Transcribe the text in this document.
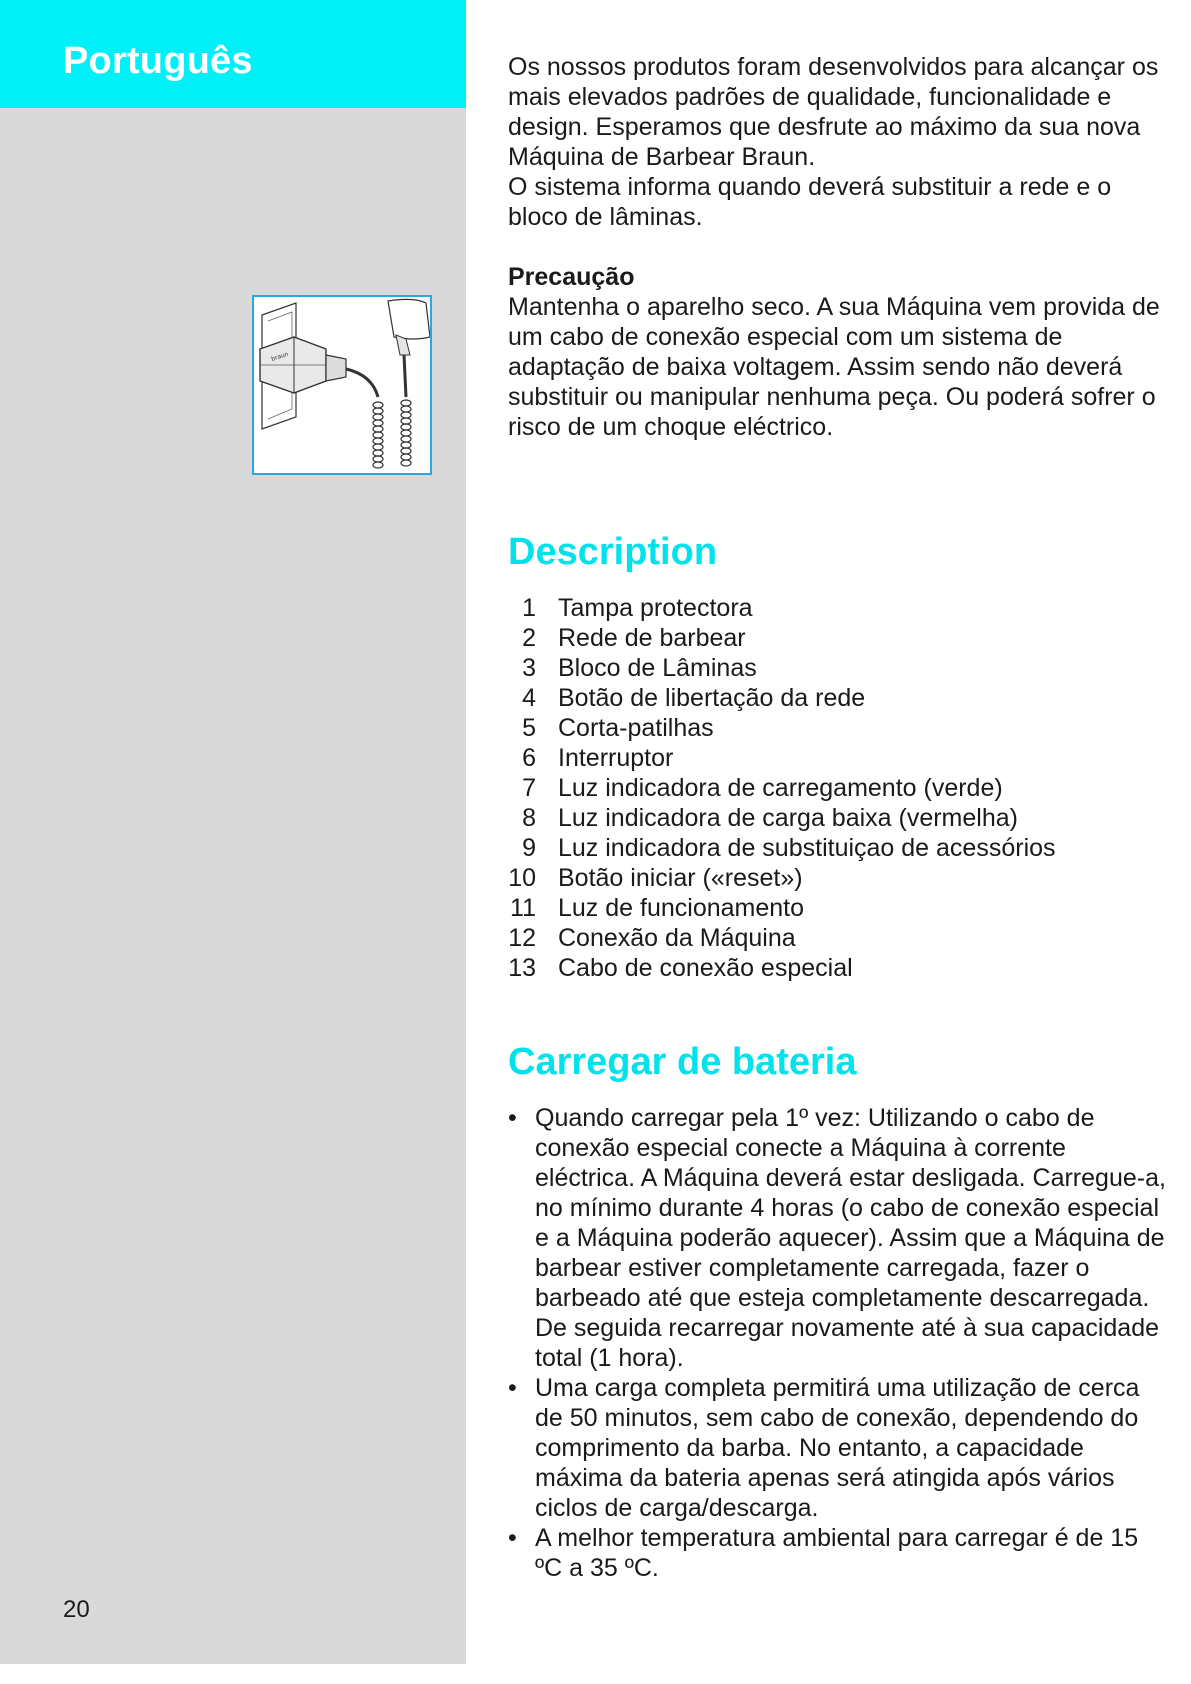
Português
braun
20

Os nossos produtos foram desenvolvidos para alcançar os mais elevados padrões de qualidade, funcionalidade e design. Esperamos que desfrute ao máximo da sua nova Máquina de Barbear Braun.

O sistema informa quando deverá substituir a rede e o bloco de lâminas.

Precaução

Mantenha o aparelho seco. A sua Máquina vem provida de um cabo de conexão especial com um sistema de adaptação de baixa voltagem. Assim sendo não deverá substituir ou manipular nenhuma peça. Ou poderá sofrer o risco de um choque eléctrico.

Description
1 Tampa protectora
2 Rede de barbear
3 Bloco de Lâminas
4 Botão de libertação da rede
5 Corta-patilhas
6 Interruptor
7 Luz indicadora de carregamento (verde)
8 Luz indicadora de carga baixa (vermelha)
9 Luz indicadora de substituiçao de acessórios
10 Botão iniciar («reset»)
11 Luz de funcionamento
12 Conexão da Máquina
13 Cabo de conexão especial
Carregar de bateria
• Quando carregar pela 1º vez: Utilizando o cabo de conexão especial conecte a Máquina à corrente eléctrica. A Máquina deverá estar desligada. Carregue-a, no mínimo durante 4 horas (o cabo de conexão especial e a Máquina poderão aquecer). Assim que a Máquina de barbear estiver completamente carregada, fazer o barbeado até que esteja completamente descarregada. De seguida recarregar novamente até à sua capacidade total (1 hora).
• Uma carga completa permitirá uma utilização de cerca de 50 minutos, sem cabo de conexão, dependendo do comprimento da barba. No entanto, a capacidade máxima da bateria apenas será atingida após vários ciclos de carga/descarga.
• A melhor temperatura ambiental para carregar é de 15 ºC a 35 ºC.
